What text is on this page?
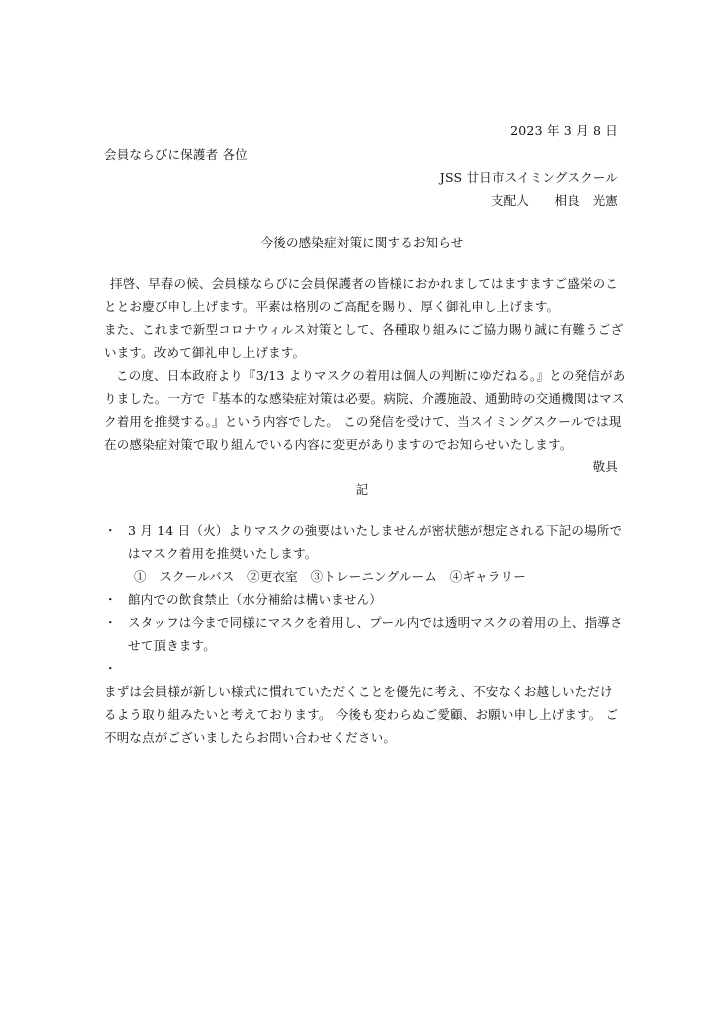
2023 年 3 月 8 日
会員ならびに保護者 各位
JSS 廿日市スイミングスクール
支配人　　相良　光憲
今後の感染症対策に関するお知らせ
拝啓、早春の候、会員様ならびに会員保護者の皆様におかれましてはますますご盛栄のこ
ととお慶び申し上げます。平素は格別のご高配を賜り、厚く御礼申し上げます。
また、これまで新型コロナウィルス対策として、各種取り組みにご協力賜り誠に有難うござ
います。改めて御礼申し上げます。
この度、日本政府より『3/13 よりマスクの着用は個人の判断にゆだねる。』との発信があ
りました。一方で『基本的な感染症対策は必要。病院、介護施設、通勤時の交通機関はマス
ク着用を推奨する。』という内容でした。 この発信を受けて、当スイミングスクールでは現
在の感染症対策で取り組んでいる内容に変更がありますのでお知らせいたします。
敬具
記
・ 3 月 14 日（火）よりマスクの強要はいたしませんが密状態が想定される下記の場所で
はマスク着用を推奨いたします。
①　スクールバス　②更衣室　③トレーニングルーム　④ギャラリー
・ 館内での飲食禁止（水分補給は構いません）
・ スタッフは今まで同様にマスクを着用し、プール内では透明マスクの着用の上、指導さ
せて頂きます。
・
まずは会員様が新しい様式に慣れていただくことを優先に考え、不安なくお越しいただけ
るよう取り組みたいと考えております。 今後も変わらぬご愛顧、お願い申し上げます。 ご
不明な点がございましたらお問い合わせください。
